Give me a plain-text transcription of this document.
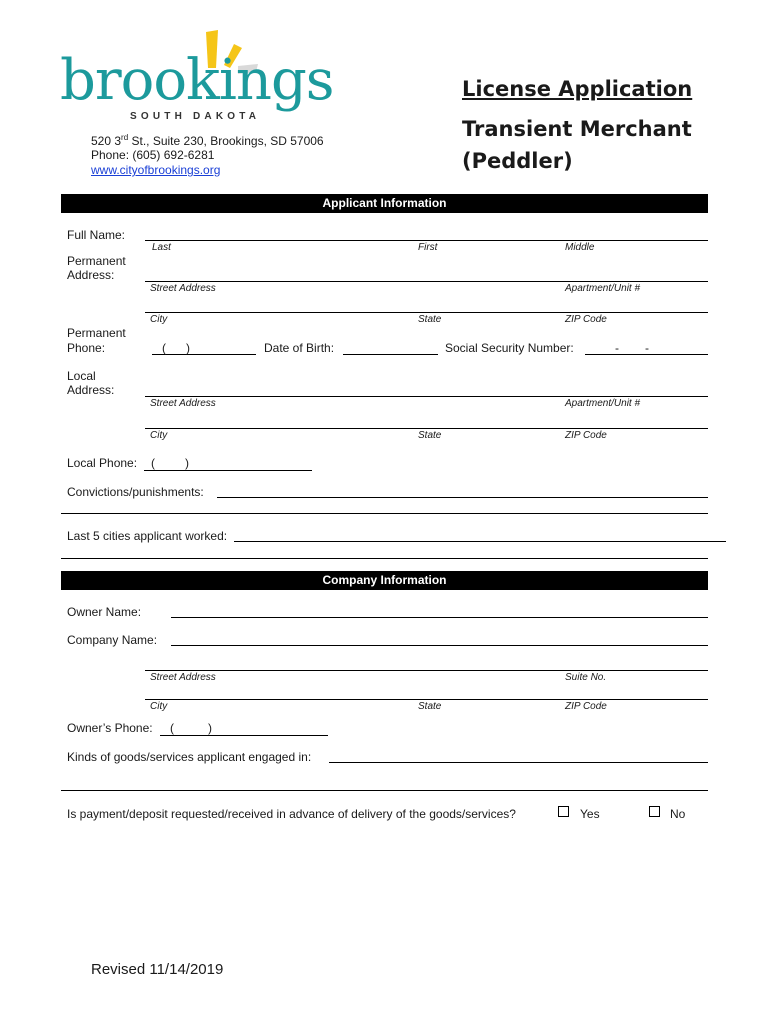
brookings
SOUTH DAKOTA
520 3rd St., Suite 230, Brookings, SD 57006
Phone: (605) 692-6281
www.cityofbrookings.org
License Application
Transient Merchant
(Peddler)
Applicant Information
Full Name:
Last	First	Middle
Permanent
Address:
Street Address	Apartment/Unit #
City	State	ZIP Code
Permanent
Phone:	( )	Date of Birth:	Social Security Number:	- -
Local
Address:
Street Address	Apartment/Unit #
City	State	ZIP Code
Local Phone: (	)
Convictions/punishments:
Last 5 cities applicant worked:
Company Information
Owner Name:
Company Name:
Street Address	Suite No.
City	State	ZIP Code
Owner’s Phone: (	)
Kinds of goods/services applicant engaged in:
Is payment/deposit requested/received in advance of delivery of the goods/services?	Yes	No
Revised 11/14/2019
